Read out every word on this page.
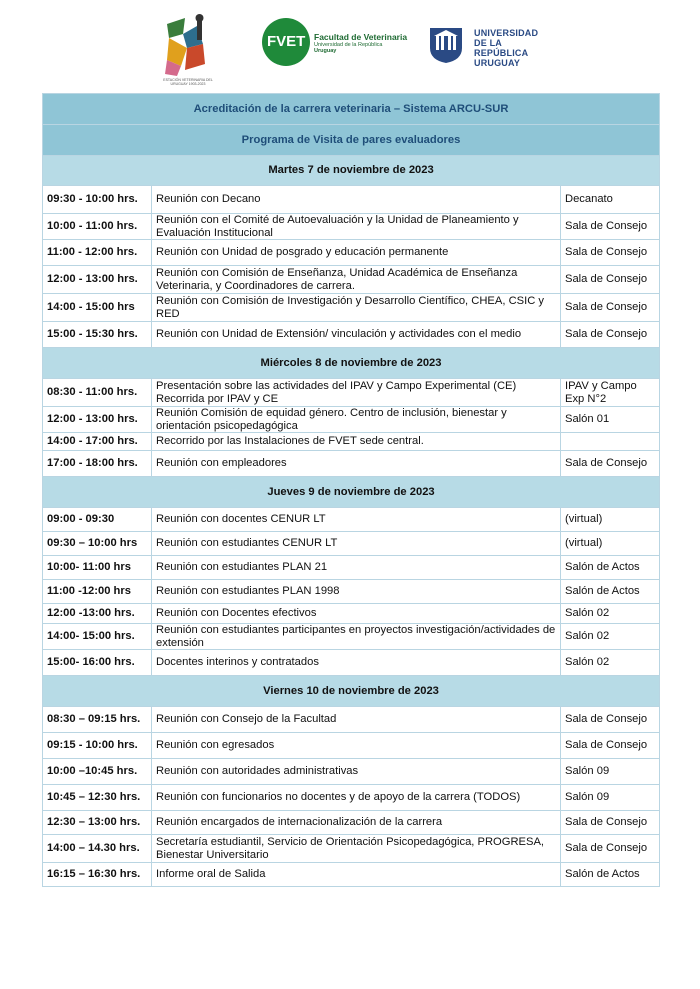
ESTACIÓN VETERINARIA DEL URUGUAY 1903-2023
FVET Facultad de Veterinaria
Universidad de la República
Uruguay
UNIVERSIDAD
DE LA REPÚBLICA
URUGUAY
Acreditación de la carrera veterinaria – Sistema ARCU-SUR		
Programa de Visita de pares evaluadores		
Martes 7 de noviembre de 2023		
09:30 - 10:00 hrs.	Reunión con Decano	Decanato
10:00 - 11:00 hrs.	Reunión con el Comité de Autoevaluación y la Unidad de Planeamiento y Evaluación Institucional	Sala de Consejo
11:00 - 12:00 hrs.	Reunión con Unidad de posgrado y educación permanente	Sala de Consejo
12:00 - 13:00 hrs.	Reunión con Comisión de Enseñanza, Unidad Académica de Enseñanza Veterinaria, y Coordinadores de carrera.	Sala de Consejo
14:00 - 15:00 hrs	Reunión con Comisión de Investigación y Desarrollo Científico, CHEA, CSIC y RED	Sala de Consejo
15:00 - 15:30 hrs.	Reunión con Unidad de Extensión/ vinculación y actividades con el medio	Sala de Consejo
Miércoles 8 de noviembre de 2023		
08:30 - 11:00 hrs.	Presentación sobre las actividades del IPAV y Campo Experimental (CE) Recorrida por IPAV y CE	IPAV y Campo Exp N°2
12:00 - 13:00 hrs.	Reunión Comisión de equidad género. Centro de inclusión, bienestar y orientación psicopedagógica	Salón 01
14:00 - 17:00 hrs.	Recorrido por las Instalaciones de FVET sede central.	
17:00 - 18:00 hrs.	Reunión con empleadores	Sala de Consejo
Jueves 9 de noviembre de 2023		
09:00 - 09:30	Reunión con docentes CENUR LT	(virtual)
09:30 – 10:00 hrs	Reunión con estudiantes CENUR LT	(virtual)
10:00- 11:00 hrs	Reunión con estudiantes PLAN 21	Salón de Actos
11:00 -12:00 hrs	Reunión con estudiantes PLAN 1998	Salón de Actos
12:00 -13:00 hrs.	Reunión con Docentes efectivos	Salón 02
14:00- 15:00 hrs.	Reunión con estudiantes participantes en proyectos investigación/actividades de extensión	Salón 02
15:00- 16:00 hrs.	Docentes interinos y contratados	Salón 02
Viernes 10 de noviembre de 2023		
08:30 – 09:15 hrs.	Reunión con Consejo de la Facultad	Sala de Consejo
09:15 - 10:00 hrs.	Reunión con egresados	Sala de Consejo
10:00 –10:45 hrs.	Reunión con autoridades administrativas	Salón 09
10:45 – 12:30 hrs.	Reunión con funcionarios no docentes y de apoyo de la carrera (TODOS)	Salón 09
12:30 – 13:00 hrs.	Reunión encargados de internacionalización de la carrera	Sala de Consejo
14:00 – 14.30 hrs.	Secretaría estudiantil, Servicio de Orientación Psicopedagógica, PROGRESA, Bienestar Universitario	Sala de Consejo
16:15 – 16:30 hrs.	Informe oral de Salida	Salón de Actos
